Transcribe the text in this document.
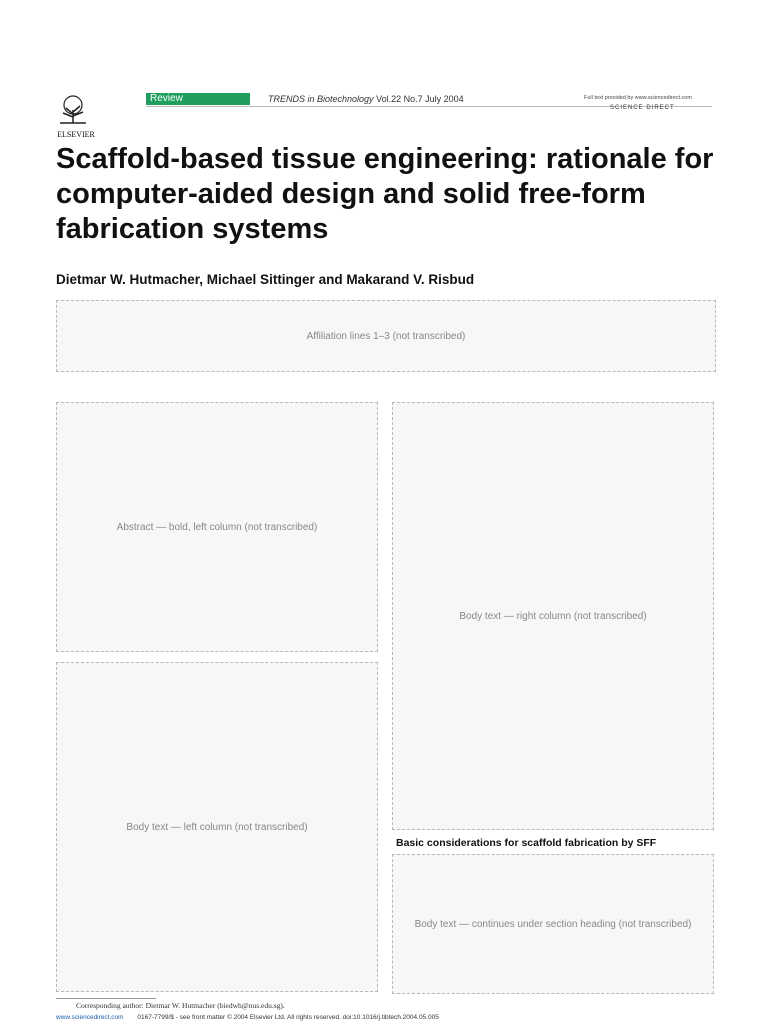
ELSEVIER
Review	TRENDS in Biotechnology Vol.22 No.7 July 2004	Full text provided by www.sciencedirect.com
SCIENCE DIRECT
Scaffold-based tissue engineering: rationale for computer-aided design and solid free-form fabrication systems
Dietmar W. Hutmacher, Michael Sittinger and Makarand V. Risbud
Affiliation lines 1–3 (not transcribed)
Abstract — bold, left column (not transcribed)
Body text — left column (not transcribed)
Body text — right column (not transcribed)
Basic considerations for scaffold fabrication by SFF
Body text — continues under section heading (not transcribed)
Corresponding author: Dietmar W. Hutmacher (biedwh@nus.edu.sg).
www.sciencedirect.com 0167-7799/$ - see front matter © 2004 Elsevier Ltd. All rights reserved. doi:10.1016/j.tibtech.2004.05.005
